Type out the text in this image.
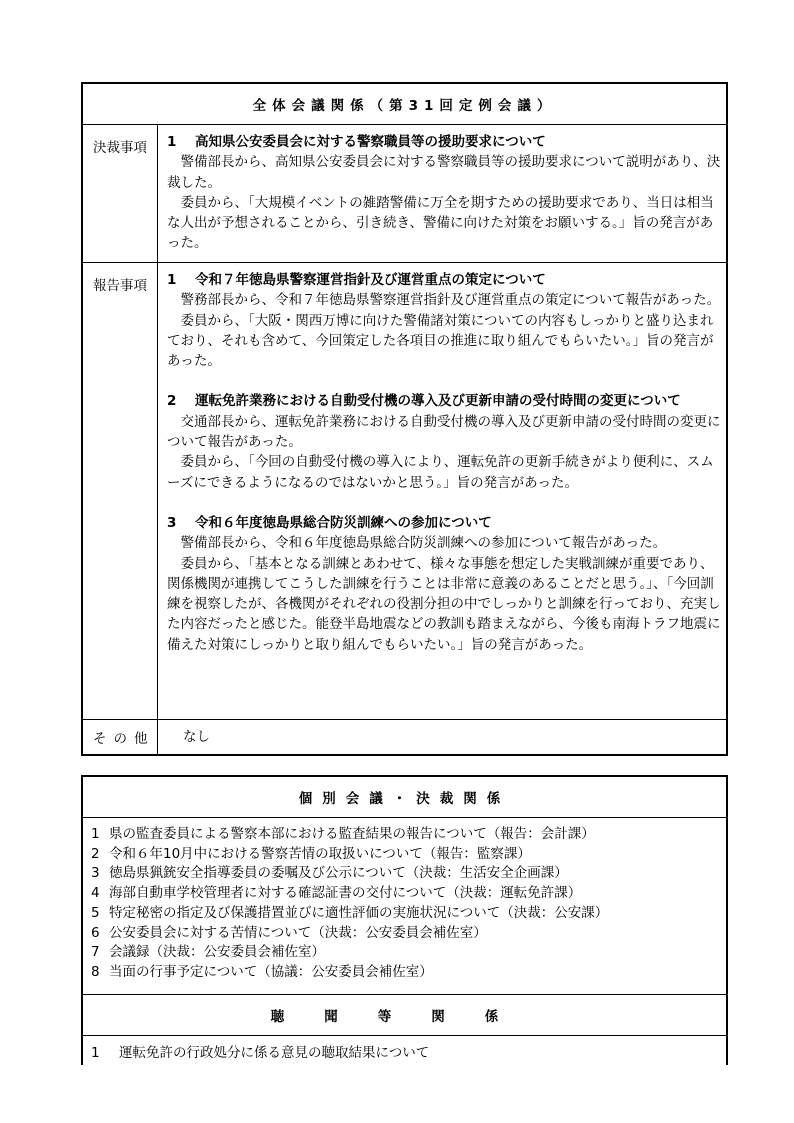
全体会議関係（第31回定例会議）
決裁事項 1 高知県公安委員会に対する警察職員等の援助要求について
警備部長から、高知県公安委員会に対する警察職員等の援助要求について説明があり、決裁した。
委員から、「大規模イベントの雑踏警備に万全を期すための援助要求であり、当日は相当な人出が予想されることから、引き続き、警備に向けた対策をお願いする。」旨の発言があった。
報告事項 1 令和７年徳島県警察運営指針及び運営重点の策定について
警務部長から、令和７年徳島県警察運営指針及び運営重点の策定について報告があった。
委員から、「大阪・関西万博に向けた警備諸対策についての内容もしっかりと盛り込まれており、それも含めて、今回策定した各項目の推進に取り組んでもらいたい。」旨の発言があった。
2 運転免許業務における自動受付機の導入及び更新申請の受付時間の変更について
交通部長から、運転免許業務における自動受付機の導入及び更新申請の受付時間の変更について報告があった。
委員から、「今回の自動受付機の導入により、運転免許の更新手続きがより便利に、スムーズにできるようになるのではないかと思う。」旨の発言があった。
3 令和６年度徳島県総合防災訓練への参加について
警備部長から、令和６年度徳島県総合防災訓練への参加について報告があった。
委員から、「基本となる訓練とあわせて、様々な事態を想定した実戦訓練が重要であり、関係機関が連携してこうした訓練を行うことは非常に意義のあることだと思う。」、「今回訓練を視察したが、各機関がそれぞれの役割分担の中でしっかりと訓練を行っており、充実した内容だったと感じた。能登半島地震などの教訓も踏まえながら、今後も南海トラフ地震に備えた対策にしっかりと取り組んでもらいたい。」旨の発言があった。
その他 なし
個別会議・決裁関係
1 県の監査委員による警察本部における監査結果の報告について（報告：会計課）
2 令和６年10月中における警察苦情の取扱いについて（報告：監察課）
3 徳島県猟銃安全指導委員の委嘱及び公示について（決裁：生活安全企画課）
4 海部自動車学校管理者に対する確認証書の交付について（決裁：運転免許課）
5 特定秘密の指定及び保護措置並びに適性評価の実施状況について（決裁：公安課）
6 公安委員会に対する苦情について（決裁：公安委員会補佐室）
7 会議録（決裁：公安委員会補佐室）
8 当面の行事予定について（協議：公安委員会補佐室）
聴聞等関係
1 運転免許の行政処分に係る意見の聴取結果について
